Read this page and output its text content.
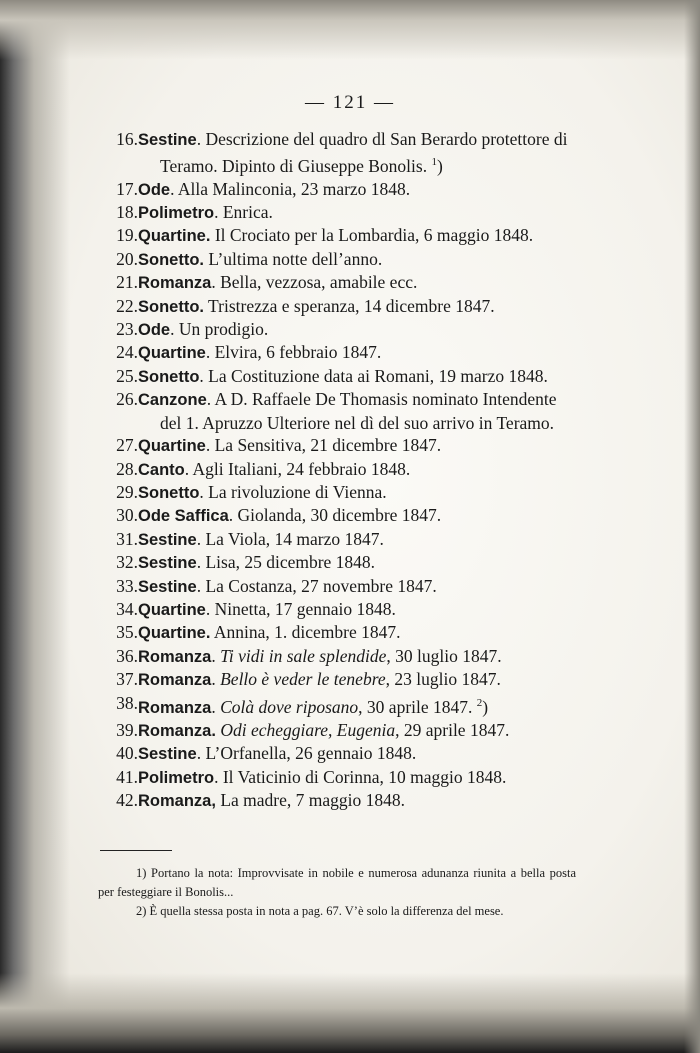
— 121 —
16. Sestine. Descrizione del quadro dl San Berardo protettore di Teramo. Dipinto di Giuseppe Bonolis. $^1$)
17. Ode. Alla Malinconia, 23 marzo 1848.
18. Polimetro. Enrica.
19. Quartine. Il Crociato per la Lombardia, 6 maggio 1848.
20. Sonetto. L’ultima notte dell’anno.
21. Romanza. Bella, vezzosa, amabile ecc.
22. Sonetto. Tristrezza e speranza, 14 dicembre 1847.
23. Ode. Un prodigio.
24. Quartine. Elvira, 6 febbraio 1847.
25. Sonetto. La Costituzione data ai Romani, 19 marzo 1848.
26. Canzone. A D. Raffaele De Thomasis nominato Intendente del 1. Apruzzo Ulteriore nel dì del suo arrivo in Teramo.
27. Quartine. La Sensitiva, 21 dicembre 1847.
28. Canto. Agli Italiani, 24 febbraio 1848.
29. Sonetto. La rivoluzione di Vienna.
30. Ode Saffica. Giolanda, 30 dicembre 1847.
31. Sestine. La Viola, 14 marzo 1847.
32. Sestine. Lisa, 25 dicembre 1848.
33. Sestine. La Costanza, 27 novembre 1847.
34. Quartine. Ninetta, 17 gennaio 1848.
35. Quartine. Annina, 1. dicembre 1847.
36. Romanza. Ti vidi in sale splendide, 30 luglio 1847.
37. Romanza. Bello è veder le tenebre, 23 luglio 1847.
38. Romanza. Colà dove riposano, 30 aprile 1847. $^2$)
39. Romanza. Odi echeggiare, Eugenia, 29 aprile 1847.
40. Sestine. L’Orfanella, 26 gennaio 1848.
41. Polimetro. Il Vaticinio di Corinna, 10 maggio 1848.
42. Romanza, La madre, 7 maggio 1848.

1) Portano la nota: Improvvisate in nobile e numerosa adunanza riunita a bella posta per festeggiare il Bonolis...

2) È quella stessa posta in nota a pag. 67. V’è solo la differenza del mese.
